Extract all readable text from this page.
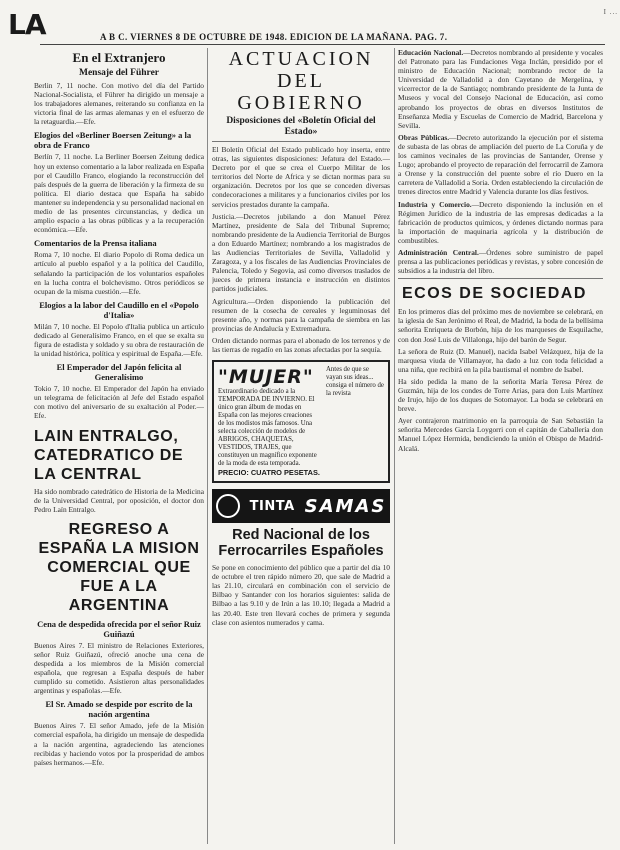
LA	A B C. VIERNES 8 DE OCTUBRE DE 1948. EDICION DE LA MAÑANA. PAG. 7.
I ...
En el Extranjero
Mensaje del Führer

Berlin 7, 11 noche. Con motivo del día del Partido Nacional-Socialista, el Führer ha dirigido un mensaje a los trabajadores alemanes, reiterando su confianza en la victoria final de las armas alemanas y en el esfuerzo de la retaguardia.—Efe.

Elogios del «Berliner Boersen Zeitung» a la obra de Franco

Berlín 7, 11 noche. La Berliner Boersen Zeitung dedica hoy un extenso comentario a la labor realizada en España por el Caudillo Franco, elogiando la reconstrucción del país después de la guerra de liberación y la firmeza de su política. El diario destaca que España ha sabido mantener su independencia y su personalidad nacional en medio de las presentes circunstancias, y dedica un amplio espacio a las obras públicas y a la recuperación económica.—Efe.

Comentarios de la Prensa italiana

Roma 7, 10 noche. El diario Popolo di Roma dedica un artículo al pueblo español y a la política del Caudillo, señalando la participación de los voluntarios españoles en la lucha contra el bolchevismo. Otros periódicos se ocupan de la misma cuestión.—Efe.

Elogios a la labor del Caudillo en el «Popolo d'Italia»

Milán 7, 10 noche. El Popolo d'Italia publica un artículo dedicado al Generalísimo Franco, en el que se exalta su figura de estadista y soldado y su obra de restauración de la unidad histórica, política y espiritual de España.—Efe.

El Emperador del Japón felicita al Generalísimo

Tokio 7, 10 noche. El Emperador del Japón ha enviado un telegrama de felicitación al Jefe del Estado español con motivo del aniversario de su exaltación al Poder.—Efe.

LAIN ENTRALGO, CATEDRATICO DE LA CENTRAL

Ha sido nombrado catedrático de Historia de la Medicina de la Universidad Central, por oposición, el doctor don Pedro Laín Entralgo.

REGRESO A ESPAÑA LA MISION COMERCIAL QUE FUE A LA ARGENTINA
Cena de despedida ofrecida por el señor Ruiz Guiñazú

Buenos Aires 7. El ministro de Relaciones Exteriores, señor Ruiz Guiñazú, ofreció anoche una cena de despedida a los miembros de la Misión comercial española, que regresan a España después de haber cumplido su cometido. Asistieron altas personalidades argentinas y españolas.—Efe.

El Sr. Amado se despide por escrito de la nación argentina

Buenos Aires 7. El señor Amado, jefe de la Misión comercial española, ha dirigido un mensaje de despedida a la nación argentina, agradeciendo las atenciones recibidas y haciendo votos por la prosperidad de ambos países hermanos.—Efe.

ACTUACION DEL GOBIERNO
Disposiciones del «Boletín Oficial del Estado»

El Boletín Oficial del Estado publicado hoy inserta, entre otras, las siguientes disposiciones: Jefatura del Estado.—Decreto por el que se crea el Cuerpo Militar de los territorios del Norte de Africa y se dictan normas para su organización. Decretos por los que se conceden diversas condecoraciones a militares y a funcionarios civiles por los servicios prestados durante la campaña.

Justicia.—Decretos jubilando a don Manuel Pérez Martínez, presidente de Sala del Tribunal Supremo; nombrando presidente de la Audiencia Territorial de Burgos a don Eduardo Martínez; nombrando a los magistrados de las Audiencias Territoriales de Sevilla, Valladolid y Zaragoza, y a los fiscales de las Audiencias Provinciales de Palencia, Toledo y Segovia, así como diversos traslados de jueces de primera instancia e instrucción en distintos partidos judiciales.

Agricultura.—Orden disponiendo la publicación del resumen de la cosecha de cereales y leguminosas del presente año, y normas para la campaña de siembra en las provincias de Andalucía y Extremadura.

Orden dictando normas para el abonado de los terrenos y de las tierras de regadío en las zonas afectadas por la sequía.

"MUJER"
Extraordinario dedicado a la TEMPORADA DE INVIERNO. El único gran álbum de modas en España con las mejores creaciones de los modistos más famosos. Una selecta colección de modelos de ABRIGOS, CHAQUETAS, VESTIDOS, TRAJES, que constituyen un magnífico exponente de la moda de esta temporada.
PRECIO: CUATRO PESETAS.
Antes de que se vayan sus ideas... consiga el número de la revista
TINTA SAMAS
Red Nacional de los Ferrocarriles Españoles

Se pone en conocimiento del público que a partir del día 10 de octubre el tren rápido número 20, que sale de Madrid a las 21.10, circulará en combinación con el servicio de Bilbao y Santander con los horarios siguientes: salida de Bilbao a las 9.10 y de Irún a las 10.10; llegada a Madrid a las 20.40. Este tren llevará coches de primera y segunda clase con asientos numerados y cama.

Educación Nacional.—Decretos nombrando al presidente y vocales del Patronato para las Fundaciones Vega Inclán, presidido por el ministro de Educación Nacional; nombrando rector de la Universidad de Valladolid a don Cayetano de Mergelina, y vicerrector de la de Santiago; nombrando presidente de la Junta de Museos y vocal del Consejo Nacional de Educación, así como aprobando los proyectos de obras en diversos Institutos de Enseñanza Media y Escuelas de Comercio de Madrid, Barcelona y Sevilla.

Obras Públicas.—Decreto autorizando la ejecución por el sistema de subasta de las obras de ampliación del puerto de La Coruña y de los caminos vecinales de las provincias de Santander, Orense y Lugo; aprobando el proyecto de reparación del ferrocarril de Zamora a Orense y la construcción del puente sobre el río Duero en la carretera de Valladolid a Soria. Orden estableciendo la circulación de trenes directos entre Madrid y Valencia durante los días festivos.

Industria y Comercio.—Decreto disponiendo la inclusión en el Régimen Jurídico de la industria de las empresas dedicadas a la fabricación de productos químicos, y órdenes dictando normas para la importación de maquinaria agrícola y la distribución de combustibles.

Administración Central.—Órdenes sobre suministro de papel prensa a las publicaciones periódicas y revistas, y sobre concesión de subsidios a la industria del libro.

ECOS DE SOCIEDAD

En los primeros días del próximo mes de noviembre se celebrará, en la iglesia de San Jerónimo el Real, de Madrid, la boda de la bellísima señorita Enriqueta de Borbón, hija de los marqueses de Esquilache, con don José Luis de Villalonga, hijo del barón de Segur.

La señora de Ruiz (D. Manuel), nacida Isabel Velázquez, hija de la marquesa viuda de Villamayor, ha dado a luz con toda felicidad a una niña, que recibirá en la pila bautismal el nombre de Isabel.

Ha sido pedida la mano de la señorita María Teresa Pérez de Guzmán, hija de los condes de Torre Arias, para don Luis Martínez de Irujo, hijo de los duques de Sotomayor. La boda se celebrará en breve.

Ayer contrajeron matrimonio en la parroquia de San Sebastián la señorita Mercedes García Loygorri con el capitán de Caballería don Manuel López Hermida, bendiciendo la unión el Obispo de Madrid-Alcalá.
